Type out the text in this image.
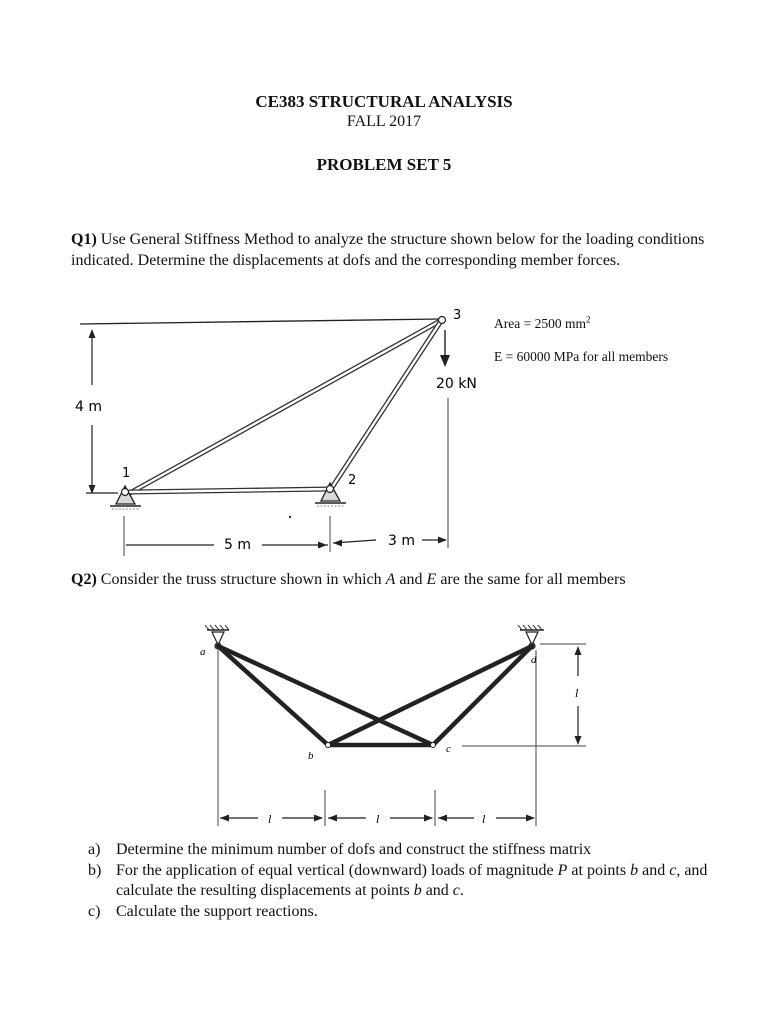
CE383 STRUCTURAL ANALYSIS
FALL 2017
PROBLEM SET 5
Q1) Use General Stiffness Method to analyze the structure shown below for the loading conditions indicated. Determine the displacements at dofs and the corresponding member forces.
Area = 2500 $mm^2$
E = 60000 MPa for all members
4 m
1	2
3
20 kN
5 m	3 m
a
b
c
d
l
l	l	l
Q2) Consider the truss structure shown in which A and E are the same for all members
a) Determine the minimum number of dofs and construct the stiffness matrix
b) For the application of equal vertical (downward) loads of magnitude P at points b and c, and calculate the resulting displacements at points b and c.
c) Calculate the support reactions.
